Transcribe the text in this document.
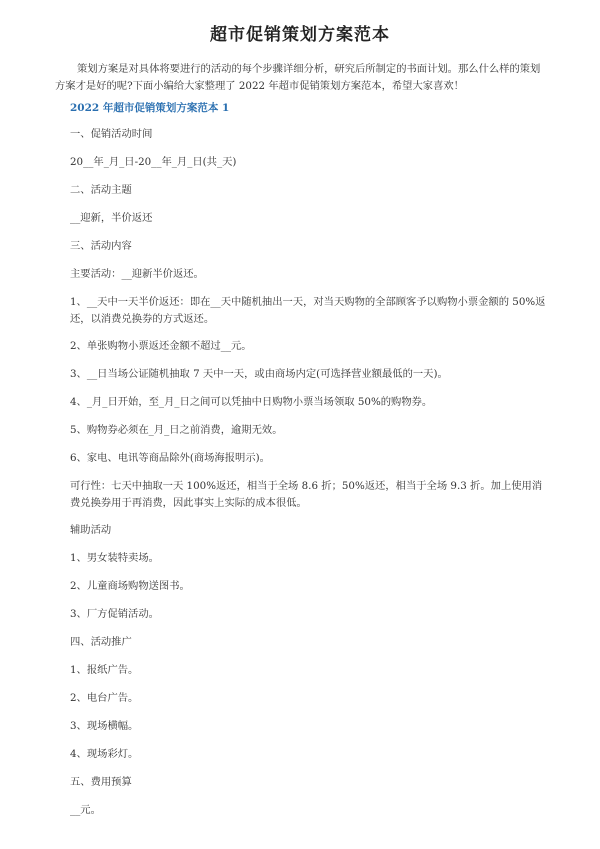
超市促销策划方案范本
策划方案是对具体将要进行的活动的每个步骤详细分析，研究后所制定的书面计划。那么什么样的策划方案才是好的呢?下面小编给大家整理了 2022 年超市促销策划方案范本，希望大家喜欢！
2022 年超市促销策划方案范本 1
一、促销活动时间
20__年_月_日-20__年_月_日(共_天)
二、活动主题
__迎新，半价返还
三、活动内容
主要活动：__迎新半价返还。
1、__天中一天半价返还：即在__天中随机抽出一天，对当天购物的全部顾客予以购物小票金额的 50%返还，以消费兑换券的方式返还。
2、单张购物小票返还金额不超过__元。
3、__日当场公证随机抽取 7 天中一天，或由商场内定(可选择营业额最低的一天)。
4、_月_日开始，至_月_日之间可以凭抽中日购物小票当场领取 50%的购物券。
5、购物券必须在_月_日之前消费，逾期无效。
6、家电、电讯等商品除外(商场海报明示)。
可行性：七天中抽取一天 100%返还，相当于全场 8.6 折；50%返还，相当于全场 9.3 折。加上使用消费兑换券用于再消费，因此事实上实际的成本很低。
辅助活动
1、男女装特卖场。
2、儿童商场购物送图书。
3、厂方促销活动。
四、活动推广
1、报纸广告。
2、电台广告。
3、现场横幅。
4、现场彩灯。
五、费用预算
__元。
